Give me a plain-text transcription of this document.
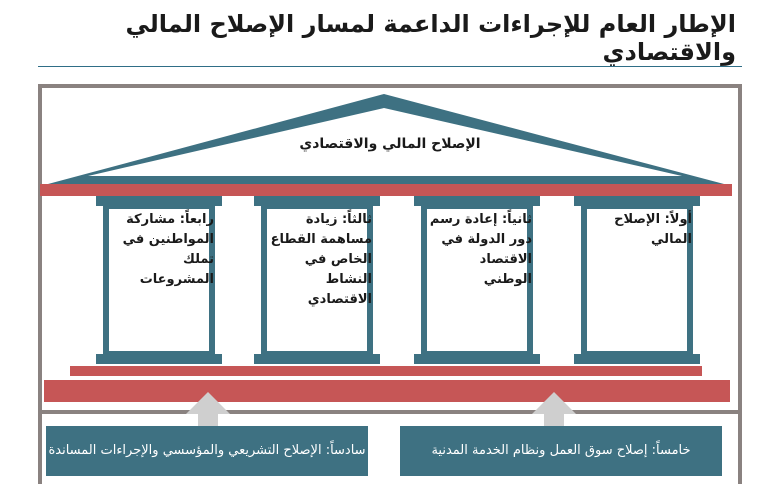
الإطار العام للإجراءات الداعمة لمسار الإصلاح المالي والاقتصادي
الإصلاح المالي والاقتصادي
أولاً: الإصلاح المالي
ثانياً: إعادة رسم دور الدولة في الاقتصاد الوطني
ثالثاً: زيادة مساهمة القطاع الخاص في النشاط الاقتصادي
رابعاً: مشاركة المواطنين في تملك المشروعات
خامساً: إصلاح سوق العمل ونظام الخدمة المدنية
سادساً: الإصلاح التشريعي والمؤسسي والإجراءات المساندة
